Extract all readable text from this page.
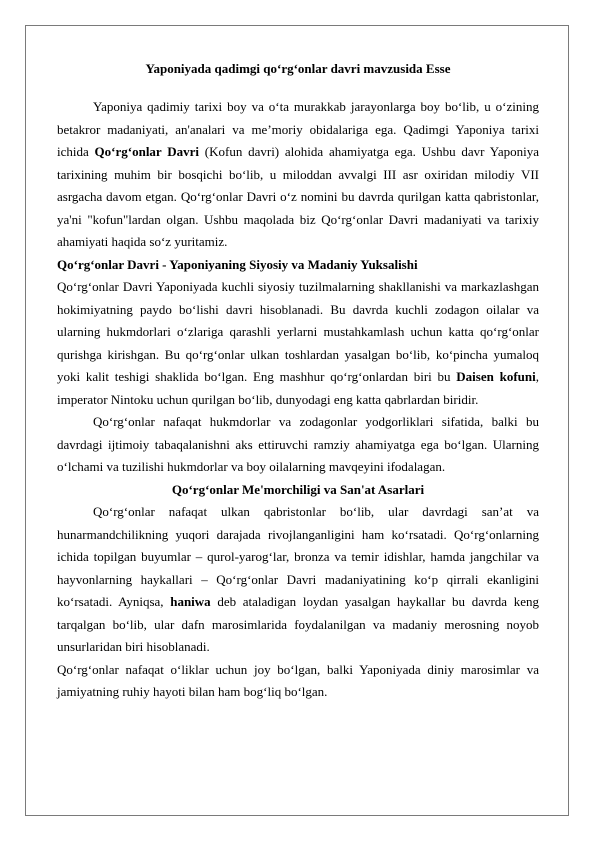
Yaponiyada qadimgi qo‘rg‘onlar davri mavzusida Esse

Yaponiya qadimiy tarixi boy va o‘ta murakkab jarayonlarga boy bo‘lib, u o‘zining betakror madaniyati, an'analari va me’moriy obidalariga ega. Qadimgi Yaponiya tarixi ichida Qo‘rg‘onlar Davri (Kofun davri) alohida ahamiyatga ega. Ushbu davr Yaponiya tarixining muhim bir bosqichi bo‘lib, u miloddan avvalgi III asr oxiridan milodiy VII asrgacha davom etgan. Qo‘rg‘onlar Davri o‘z nomini bu davrda qurilgan katta qabristonlar, ya'ni "kofun"lardan olgan. Ushbu maqolada biz Qo‘rg‘onlar Davri madaniyati va tarixiy ahamiyati haqida so‘z yuritamiz.

Qo‘rg‘onlar Davri - Yaponiyaning Siyosiy va Madaniy Yuksalishi

Qo‘rg‘onlar Davri Yaponiyada kuchli siyosiy tuzilmalarning shakllanishi va markazlashgan hokimiyatning paydo bo‘lishi davri hisoblanadi. Bu davrda kuchli zodagon oilalar va ularning hukmdorlari o‘zlariga qarashli yerlarni mustahkamlash uchun katta qo‘rg‘onlar qurishga kirishgan. Bu qo‘rg‘onlar ulkan toshlardan yasalgan bo‘lib, ko‘pincha yumaloq yoki kalit teshigi shaklida bo‘lgan. Eng mashhur qo‘rg‘onlardan biri bu Daisen kofuni, imperator Nintoku uchun qurilgan bo‘lib, dunyodagi eng katta qabrlardan biridir.

Qo‘rg‘onlar nafaqat hukmdorlar va zodagonlar yodgorliklari sifatida, balki bu davrdagi ijtimoiy tabaqalanishni aks ettiruvchi ramziy ahamiyatga ega bo‘lgan. Ularning o‘lchami va tuzilishi hukmdorlar va boy oilalarning mavqeyini ifodalagan.

Qo‘rg‘onlar Me'morchiligi va San'at Asarlari

Qo‘rg‘onlar nafaqat ulkan qabristonlar bo‘lib, ular davrdagi san’at va hunarmandchilikning yuqori darajada rivojlanganligini ham ko‘rsatadi. Qo‘rg‘onlarning ichida topilgan buyumlar – qurol-yarog‘lar, bronza va temir idishlar, hamda jangchilar va hayvonlarning haykallari – Qo‘rg‘onlar Davri madaniyatining ko‘p qirrali ekanligini ko‘rsatadi. Ayniqsa, haniwa deb ataladigan loydan yasalgan haykallar bu davrda keng tarqalgan bo‘lib, ular dafn marosimlarida foydalanilgan va madaniy merosning noyob unsurlaridan biri hisoblanadi.

Qo‘rg‘onlar nafaqat o‘liklar uchun joy bo‘lgan, balki Yaponiyada diniy marosimlar va jamiyatning ruhiy hayoti bilan ham bog‘liq bo‘lgan.
